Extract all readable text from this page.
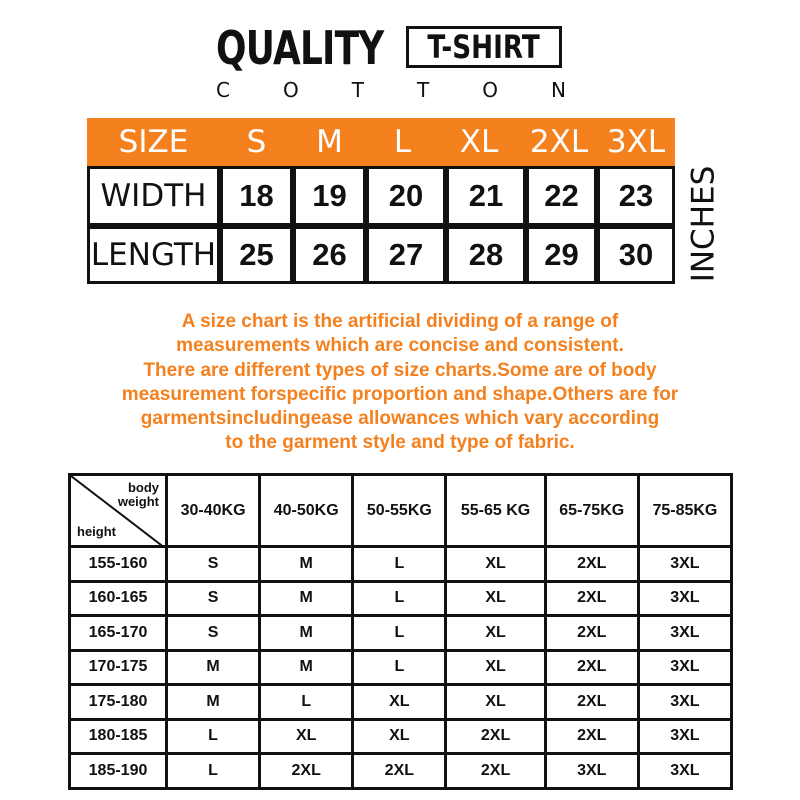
QUALITY T-SHIRT
C	O	T	T	O	N
SIZE	S	M	L	XL	2XL 3XL
WIDTH 18 19 20 21 22 23
LENGTH 25 26 27 28 29 30 INCHES

A size chart is the artificial dividing of a range of

measurements which are concise and consistent.

There are different types of size charts.Some are of body

measurement forspecific proportion and shape.Others are for

garmentsincludingease allowances which vary according

to the garment style and type of fabric.

body
weight
height	30-40KG	40-50KG	50-55KG	55-65 KG	65-75KG	75-85KG
155-160	S	M	L	XL	2XL	3XL
160-165	S	M	L	XL	2XL	3XL
165-170	S	M	L	XL	2XL	3XL
170-175	M	M	L	XL	2XL	3XL
175-180	M	L	XL	XL	2XL	3XL
180-185	L	XL	XL	2XL	2XL	3XL
185-190	L	2XL	2XL	2XL	3XL	3XL
